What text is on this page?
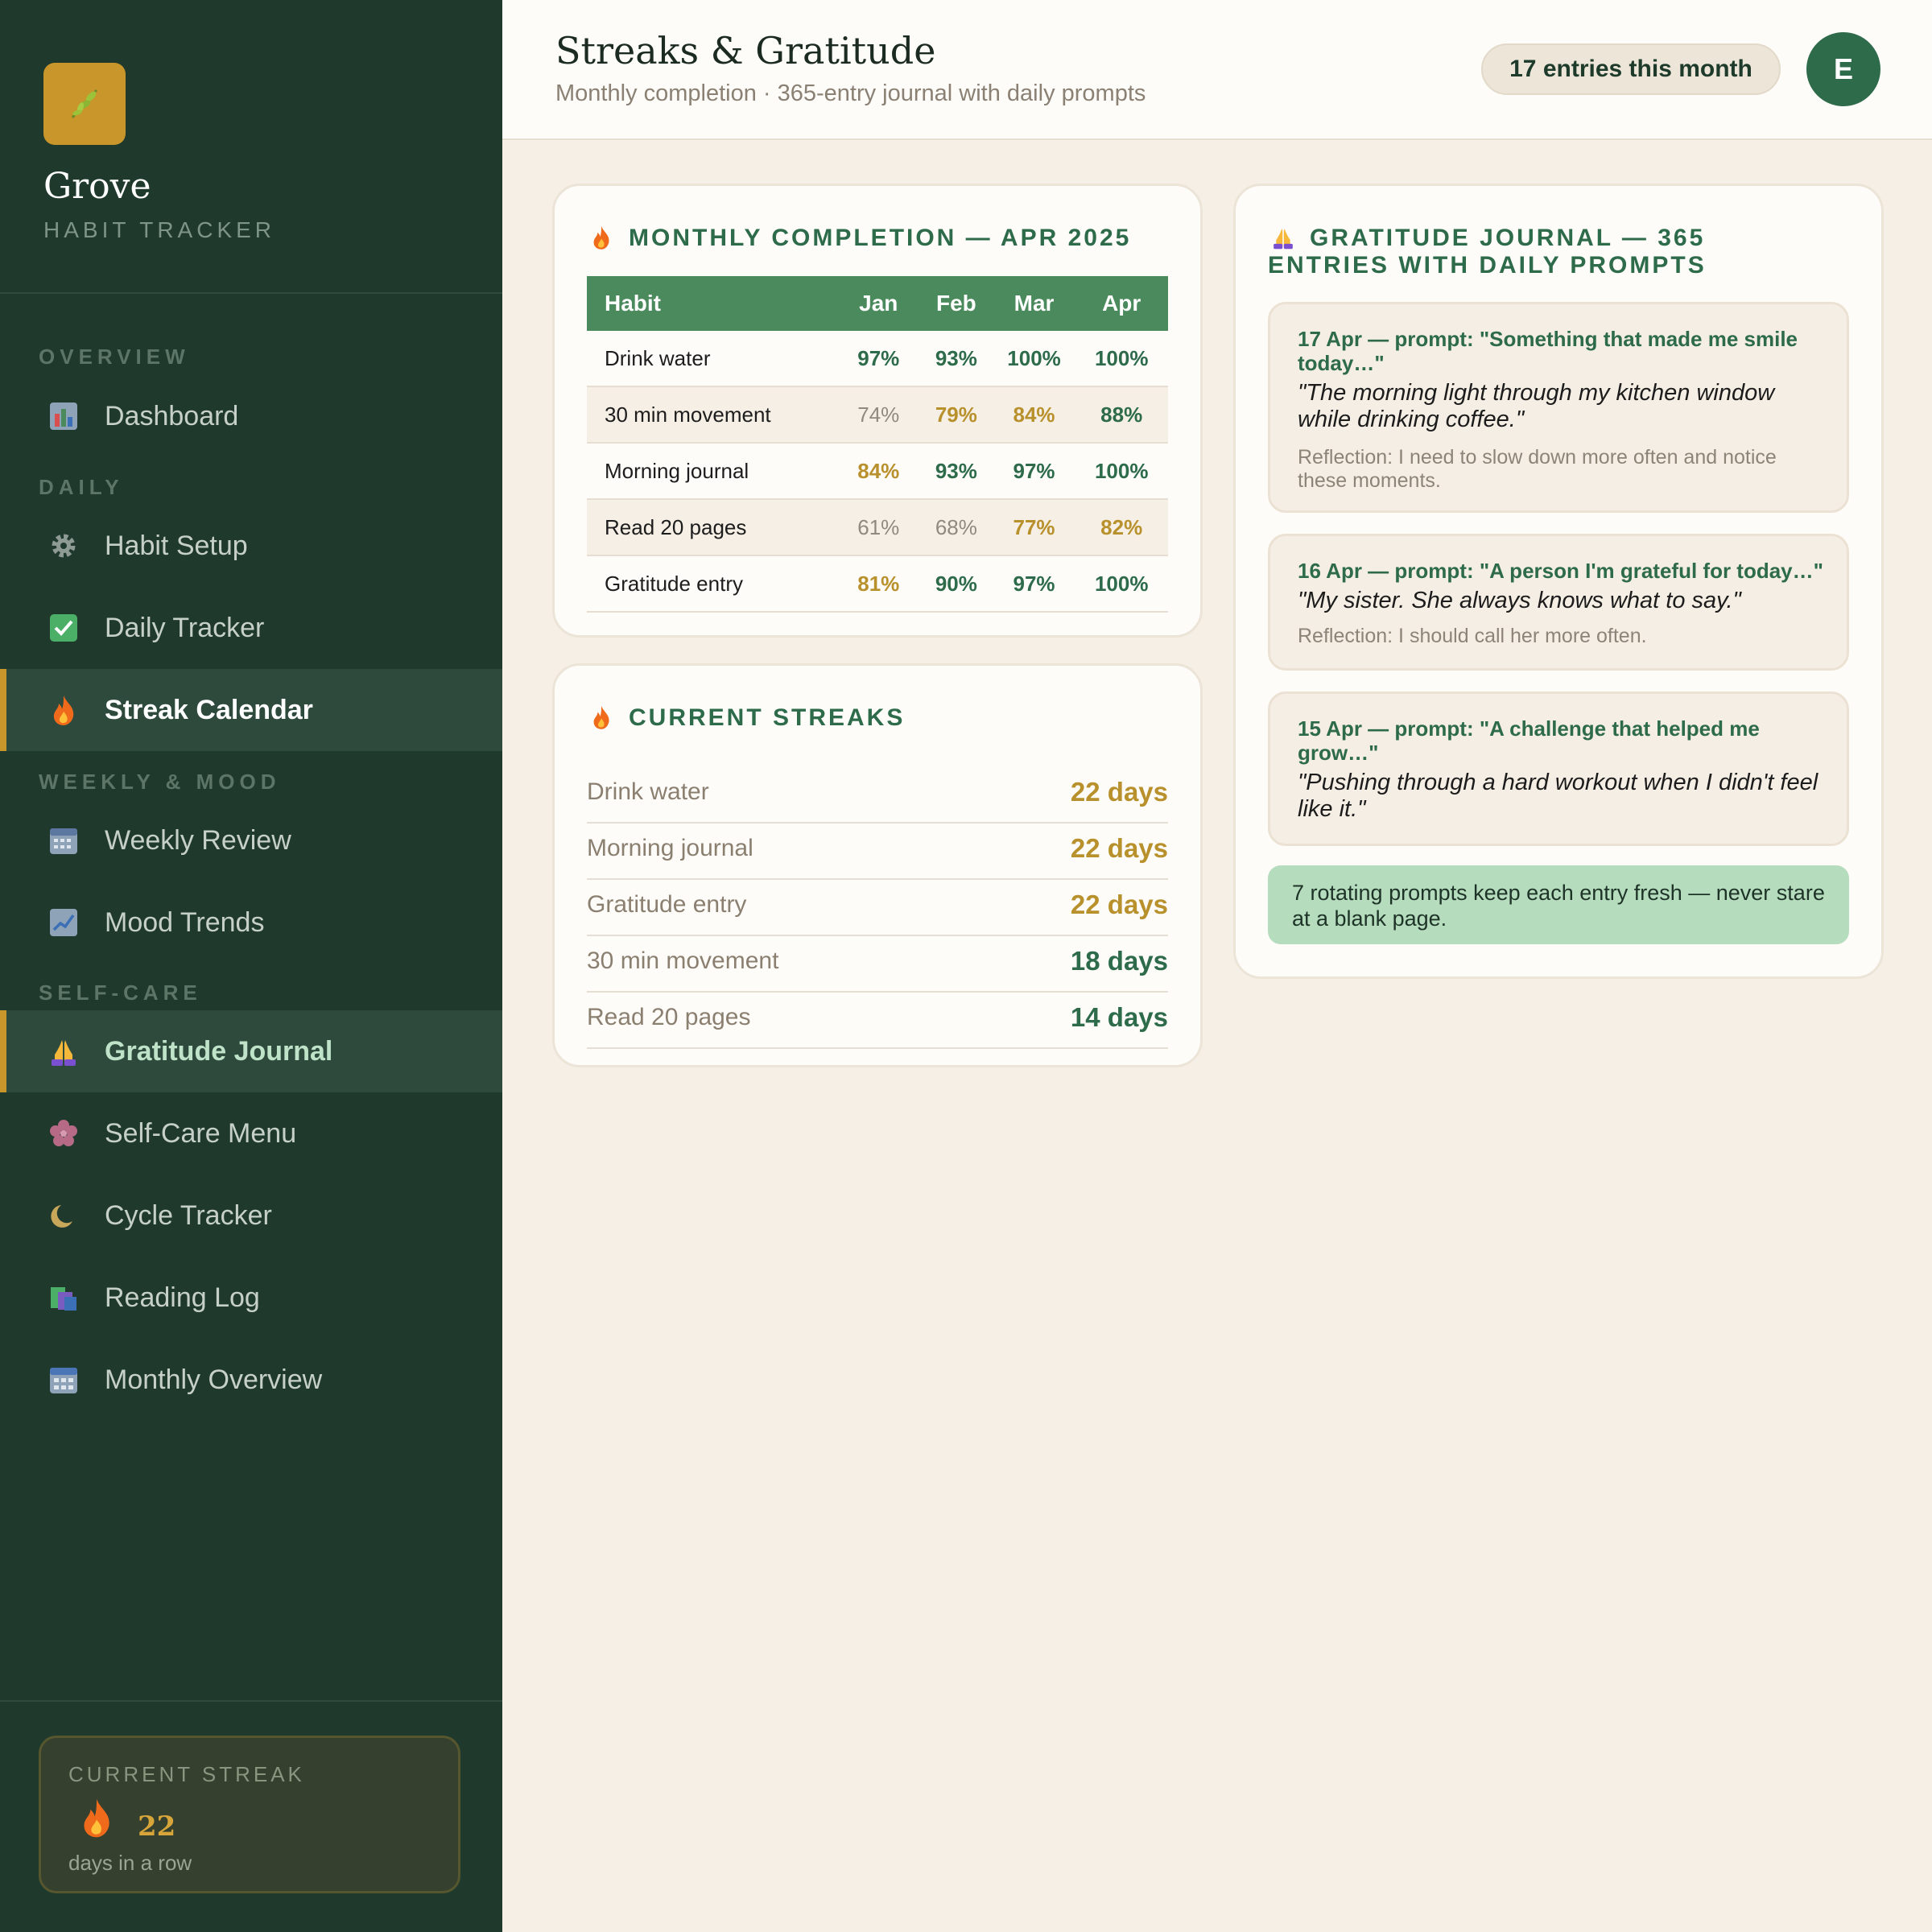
Grove
HABIT TRACKER
OVERVIEW
Dashboard
DAILY
Habit Setup
Daily Tracker
Streak Calendar
WEEKLY & MOOD
Weekly Review
Mood Trends
SELF-CARE
Gratitude Journal
Self-Care Menu
Cycle Tracker
Reading Log
Monthly Overview
CURRENT STREAK
22
days in a row
Streaks & Gratitude
Monthly completion · 365-entry journal with daily prompts
17 entries this month	E
MONTHLY COMPLETION — APR 2025
Habit	Jan	Feb	Mar	Apr
Drink water	97%	93%	100%	100%
30 min movement	74%	79%	84%	88%
Morning journal	84%	93%	97%	100%
Read 20 pages	61%	68%	77%	82%
Gratitude entry	81%	90%	97%	100%
CURRENT STREAKS
Drink water	22 days
Morning journal	22 days
Gratitude entry	22 days
30 min movement	18 days
Read 20 pages	14 days
GRATITUDE JOURNAL — 365 ENTRIES WITH DAILY PROMPTS
17 Apr — prompt: "Something that made me smile today…"
"The morning light through my kitchen window while drinking coffee."
Reflection: I need to slow down more often and notice these moments.
16 Apr — prompt: "A person I'm grateful for today…"
"My sister. She always knows what to say."
Reflection: I should call her more often.
15 Apr — prompt: "A challenge that helped me grow…"
"Pushing through a hard workout when I didn't feel like it."
7 rotating prompts keep each entry fresh — never stare at a blank page.
